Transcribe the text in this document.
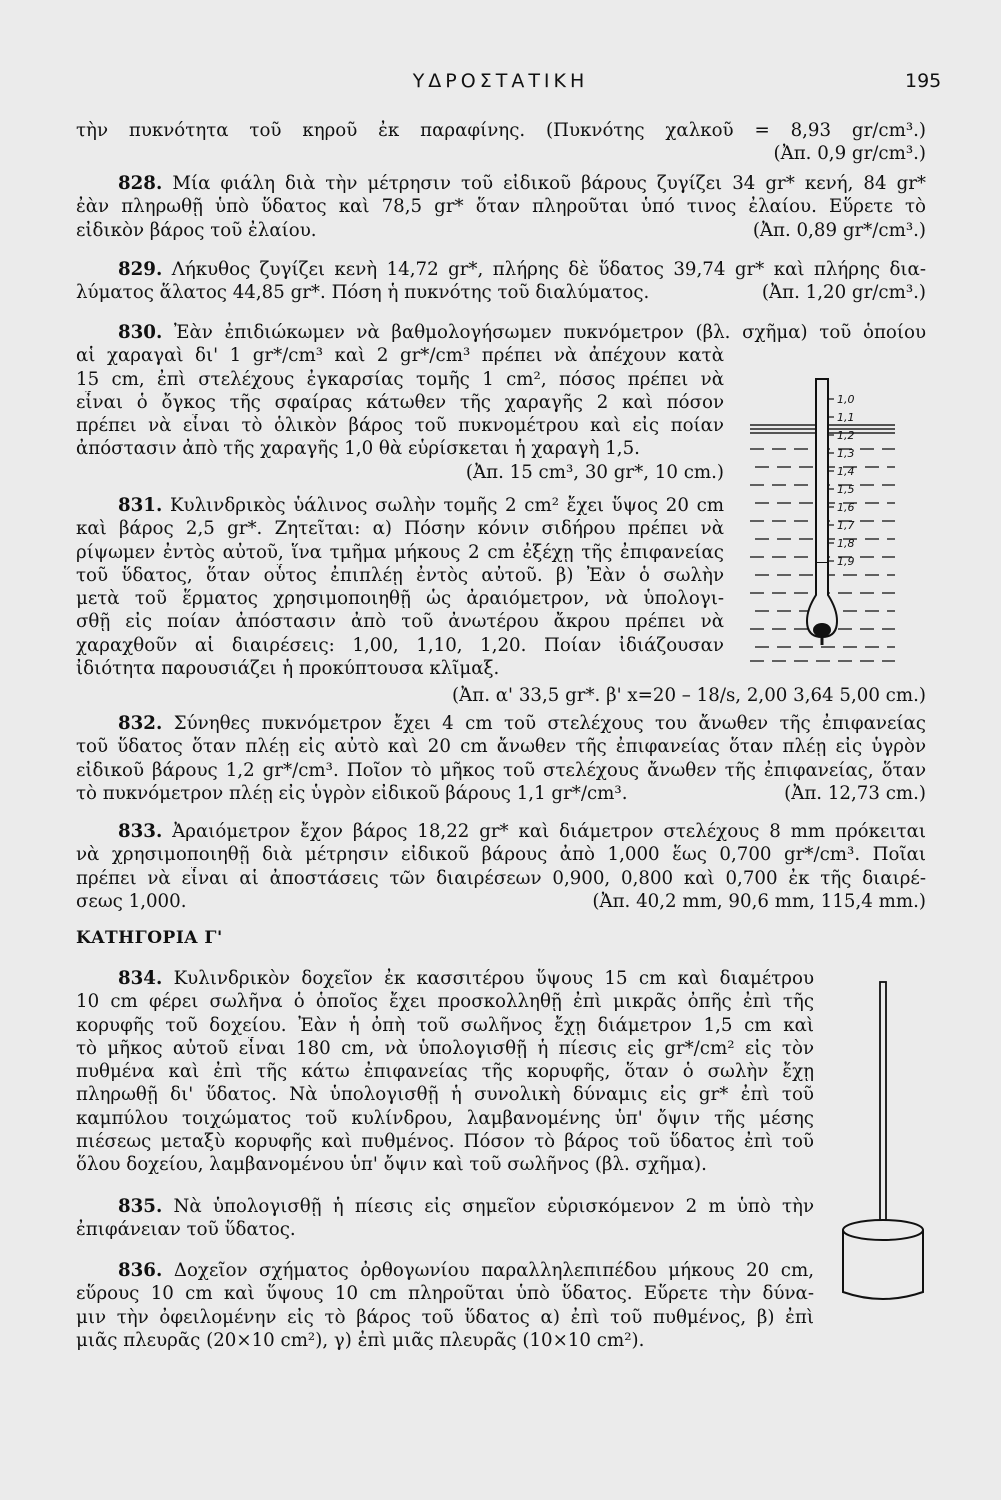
ΥΔΡΟΣΤΑΤΙΚΗ	195
τὴν πυκνότητα τοῦ κηροῦ ἐκ παραφίνης. (Πυκνότης χαλκοῦ = 8,93 gr/cm³.)
(Ἀπ. 0,9 gr/cm³.)
828. Μία φιάλη διὰ τὴν μέτρησιν τοῦ εἰδικοῦ βάρους ζυγίζει 34 gr* κενή, 84 gr*
ἐὰν πληρωθῇ ὑπὸ ὕδατος καὶ 78,5 gr* ὅταν πληροῦται ὑπό τινος ἐλαίου. Εὕρετε τὸ
εἰδικὸν βάρος τοῦ ἐλαίου.	(Ἀπ. 0,89 gr*/cm³.)
829. Λήκυθος ζυγίζει κενὴ 14,72 gr*, πλήρης δὲ ὕδατος 39,74 gr* καὶ πλήρης δια-
λύματος ἅλατος 44,85 gr*. Πόση ἡ πυκνότης τοῦ διαλύματος.	(Ἀπ. 1,20 gr/cm³.)
830. Ἐὰν ἐπιδιώκωμεν νὰ βαθμολογήσωμεν πυκνόμετρον (βλ. σχῆμα) τοῦ ὁποίου
αἱ χαραγαὶ δι' 1 gr*/cm³ καὶ 2 gr*/cm³ πρέπει νὰ ἀπέχουν κατὰ
15 cm, ἐπὶ στελέχους ἐγκαρσίας τομῆς 1 cm², πόσος πρέπει νὰ
εἶναι ὁ ὄγκος τῆς σφαίρας κάτωθεν τῆς χαραγῆς 2 καὶ πόσον
πρέπει νὰ εἶναι τὸ ὁλικὸν βάρος τοῦ πυκνομέτρου καὶ εἰς ποίαν
ἀπόστασιν ἀπὸ τῆς χαραγῆς 1,0 θὰ εὑρίσκεται ἡ χαραγὴ 1,5.
(Ἀπ. 15 cm³, 30 gr*, 10 cm.)
831. Κυλινδρικὸς ὑάλινος σωλὴν τομῆς 2 cm² ἔχει ὕψος 20 cm
καὶ βάρος 2,5 gr*. Ζητεῖται: α) Πόσην κόνιν σιδήρου πρέπει νὰ
ρίψωμεν ἐντὸς αὐτοῦ, ἵνα τμῆμα μήκους 2 cm ἐξέχῃ τῆς ἐπιφανείας
τοῦ ὕδατος, ὅταν οὗτος ἐπιπλέῃ ἐντὸς αὐτοῦ. β) Ἐὰν ὁ σωλὴν
μετὰ τοῦ ἕρματος χρησιμοποιηθῇ ὡς ἀραιόμετρον, νὰ ὑπολογι-
σθῇ εἰς ποίαν ἀπόστασιν ἀπὸ τοῦ ἀνωτέρου ἄκρου πρέπει νὰ
χαραχθοῦν αἱ διαιρέσεις: 1,00, 1,10, 1,20. Ποίαν ἰδιάζουσαν
ἰδιότητα παρουσιάζει ἡ προκύπτουσα κλῖμαξ.
(Ἀπ. α' 33,5 gr*. β' x=20 – 18/s, 2,00 3,64 5,00 cm.)
832. Σύνηθες πυκνόμετρον ἔχει 4 cm τοῦ στελέχους του ἄνωθεν τῆς ἐπιφανείας
τοῦ ὕδατος ὅταν πλέῃ εἰς αὐτὸ καὶ 20 cm ἄνωθεν τῆς ἐπιφανείας ὅταν πλέῃ εἰς ὑγρὸν
εἰδικοῦ βάρους 1,2 gr*/cm³. Ποῖον τὸ μῆκος τοῦ στελέχους ἄνωθεν τῆς ἐπιφανείας, ὅταν
τὸ πυκνόμετρον πλέῃ εἰς ὑγρὸν εἰδικοῦ βάρους 1,1 gr*/cm³.	(Ἀπ. 12,73 cm.)
833. Ἀραιόμετρον ἔχον βάρος 18,22 gr* καὶ διάμετρον στελέχους 8 mm πρόκειται
νὰ χρησιμοποιηθῇ διὰ μέτρησιν εἰδικοῦ βάρους ἀπὸ 1,000 ἕως 0,700 gr*/cm³. Ποῖαι
πρέπει νὰ εἶναι αἱ ἀποστάσεις τῶν διαιρέσεων 0,900, 0,800 καὶ 0,700 ἐκ τῆς διαιρέ-
σεως 1,000.	(Ἀπ. 40,2 mm, 90,6 mm, 115,4 mm.)
ΚΑΤΗΓΟΡΙΑ Γ'
834. Κυλινδρικὸν δοχεῖον ἐκ κασσιτέρου ὕψους 15 cm καὶ διαμέτρου
10 cm φέρει σωλῆνα ὁ ὁποῖος ἔχει προσκολληθῇ ἐπὶ μικρᾶς ὀπῆς ἐπὶ τῆς
κορυφῆς τοῦ δοχείου. Ἐὰν ἡ ὀπὴ τοῦ σωλῆνος ἔχῃ διάμετρον 1,5 cm καὶ
τὸ μῆκος αὐτοῦ εἶναι 180 cm, νὰ ὑπολογισθῇ ἡ πίεσις εἰς gr*/cm² εἰς τὸν
πυθμένα καὶ ἐπὶ τῆς κάτω ἐπιφανείας τῆς κορυφῆς, ὅταν ὁ σωλὴν ἔχῃ
πληρωθῇ δι' ὕδατος. Νὰ ὑπολογισθῇ ἡ συνολικὴ δύναμις εἰς gr* ἐπὶ τοῦ
καμπύλου τοιχώματος τοῦ κυλίνδρου, λαμβανομένης ὑπ' ὄψιν τῆς μέσης
πιέσεως μεταξὺ κορυφῆς καὶ πυθμένος. Πόσον τὸ βάρος τοῦ ὕδατος ἐπὶ τοῦ
ὅλου δοχείου, λαμβανομένου ὑπ' ὄψιν καὶ τοῦ σωλῆνος (βλ. σχῆμα).
835. Νὰ ὑπολογισθῇ ἡ πίεσις εἰς σημεῖον εὑρισκόμενον 2 m ὑπὸ τὴν
ἐπιφάνειαν τοῦ ὕδατος.
836. Δοχεῖον σχήματος ὀρθογωνίου παραλληλεπιπέδου μήκους 20 cm,
εὕρους 10 cm καὶ ὕψους 10 cm πληροῦται ὑπὸ ὕδατος. Εὕρετε τὴν δύνα-
μιν τὴν ὀφειλομένην εἰς τὸ βάρος τοῦ ὕδατος α) ἐπὶ τοῦ πυθμένος, β) ἐπὶ
μιᾶς πλευρᾶς (20×10 cm²), γ) ἐπὶ μιᾶς πλευρᾶς (10×10 cm²).
1,0
1,1
1,2
1,3
1,4
1,5
1,6
1,7
1,8
1,9
